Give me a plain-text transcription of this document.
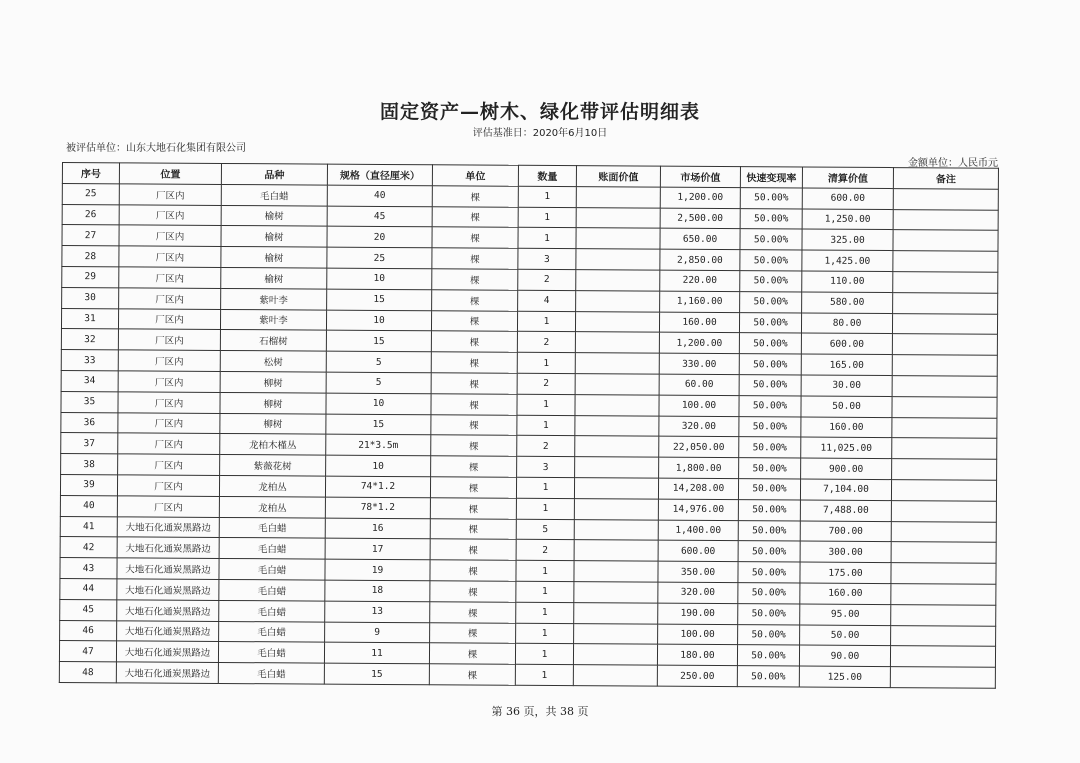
固定资产—树木、绿化带评估明细表
评估基准日：2020年6月10日
被评估单位：山东大地石化集团有限公司
金额单位：人民币元
序号	位置	品种	规格（直径厘米）	单位	数量	账面价值	市场价值	快速变现率	清算价值	备注
25	厂区内	毛白蜡	40	棵	1		1,200.00	50.00%	600.00	
26	厂区内	榆树	45	棵	1		2,500.00	50.00%	1,250.00	
27	厂区内	榆树	20	棵	1		650.00	50.00%	325.00	
28	厂区内	榆树	25	棵	3		2,850.00	50.00%	1,425.00	
29	厂区内	榆树	10	棵	2		220.00	50.00%	110.00	
30	厂区内	紫叶李	15	棵	4		1,160.00	50.00%	580.00	
31	厂区内	紫叶李	10	棵	1		160.00	50.00%	80.00	
32	厂区内	石榴树	15	棵	2		1,200.00	50.00%	600.00	
33	厂区内	松树	5	棵	1		330.00	50.00%	165.00	
34	厂区内	柳树	5	棵	2		60.00	50.00%	30.00	
35	厂区内	柳树	10	棵	1		100.00	50.00%	50.00	
36	厂区内	柳树	15	棵	1		320.00	50.00%	160.00	
37	厂区内	龙柏木槿丛	21*3.5m	棵	2		22,050.00	50.00%	11,025.00	
38	厂区内	紫薇花树	10	棵	3		1,800.00	50.00%	900.00	
39	厂区内	龙柏丛	74*1.2	棵	1		14,208.00	50.00%	7,104.00	
40	厂区内	龙柏丛	78*1.2	棵	1		14,976.00	50.00%	7,488.00	
41	大地石化通炭黑路边	毛白蜡	16	棵	5		1,400.00	50.00%	700.00	
42	大地石化通炭黑路边	毛白蜡	17	棵	2		600.00	50.00%	300.00	
43	大地石化通炭黑路边	毛白蜡	19	棵	1		350.00	50.00%	175.00	
44	大地石化通炭黑路边	毛白蜡	18	棵	1		320.00	50.00%	160.00	
45	大地石化通炭黑路边	毛白蜡	13	棵	1		190.00	50.00%	95.00	
46	大地石化通炭黑路边	毛白蜡	9	棵	1		100.00	50.00%	50.00	
47	大地石化通炭黑路边	毛白蜡	11	棵	1		180.00	50.00%	90.00	
48	大地石化通炭黑路边	毛白蜡	15	棵	1		250.00	50.00%	125.00	
第 36 页，共 38 页
